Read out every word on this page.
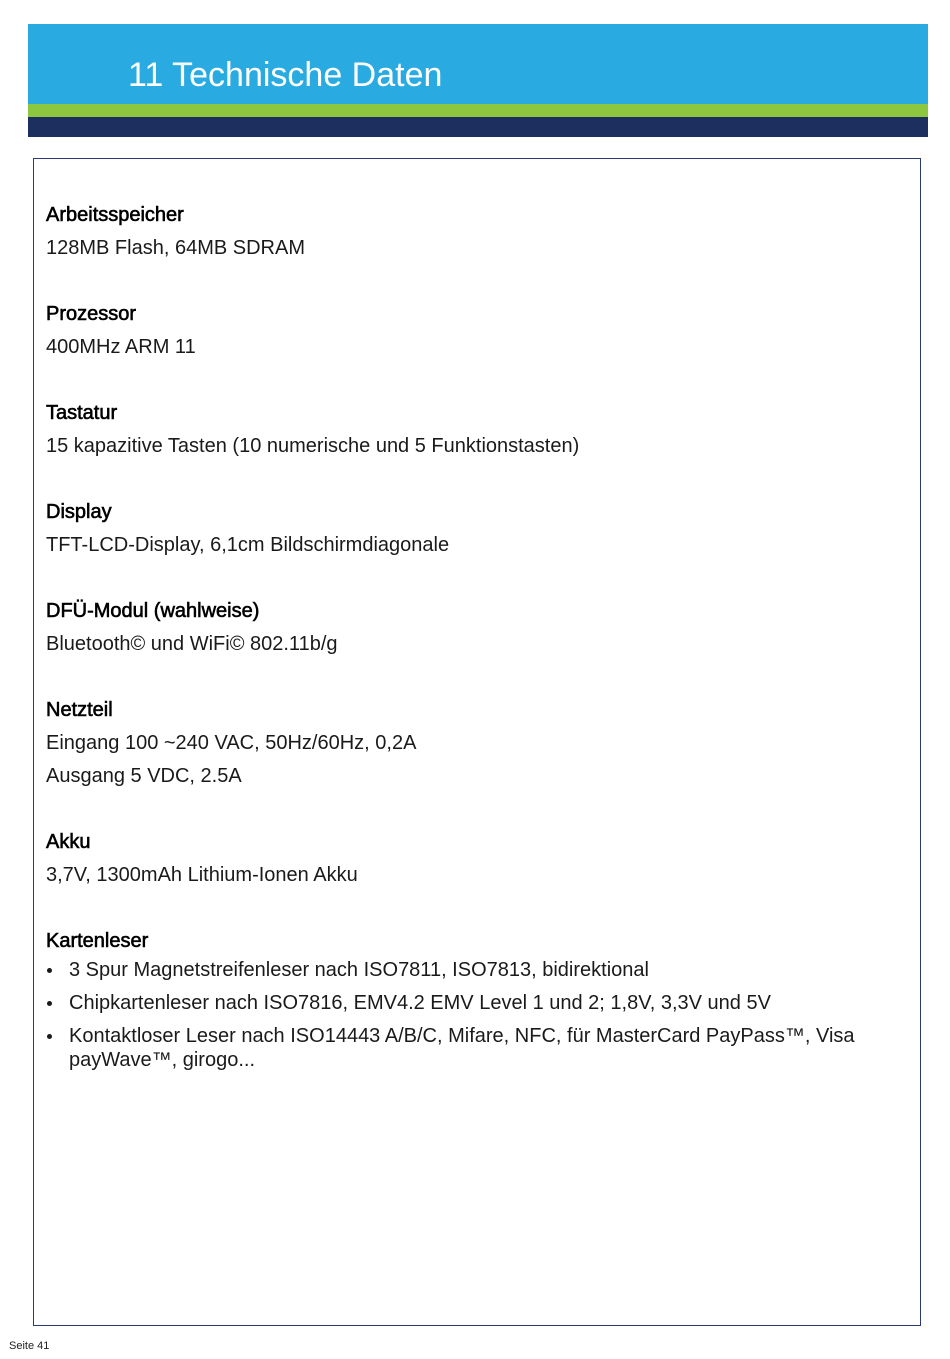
11 Technische Daten
Arbeitsspeicher

128MB Flash, 64MB SDRAM

Prozessor

400MHz ARM 11

Tastatur

15 kapazitive Tasten (10 numerische und 5 Funktionstasten)

Display

TFT-LCD-Display, 6,1cm Bildschirmdiagonale

DFÜ-Modul (wahlweise)

Bluetooth© und WiFi© 802.11b/g

Netzteil

Eingang 100 ~240 VAC, 50Hz/60Hz, 0,2A

Ausgang 5 VDC, 2.5A

Akku

3,7V, 1300mAh Lithium-Ionen Akku

Kartenleser
3 Spur Magnetstreifenleser nach ISO7811, ISO7813, bidirektional
Chipkartenleser nach ISO7816, EMV4.2 EMV Level 1 und 2; 1,8V, 3,3V und 5V
Kontaktloser Leser nach ISO14443 A/B/C, Mifare, NFC, für MasterCard PayPass™, Visa payWave™, girogo...
Seite 41
